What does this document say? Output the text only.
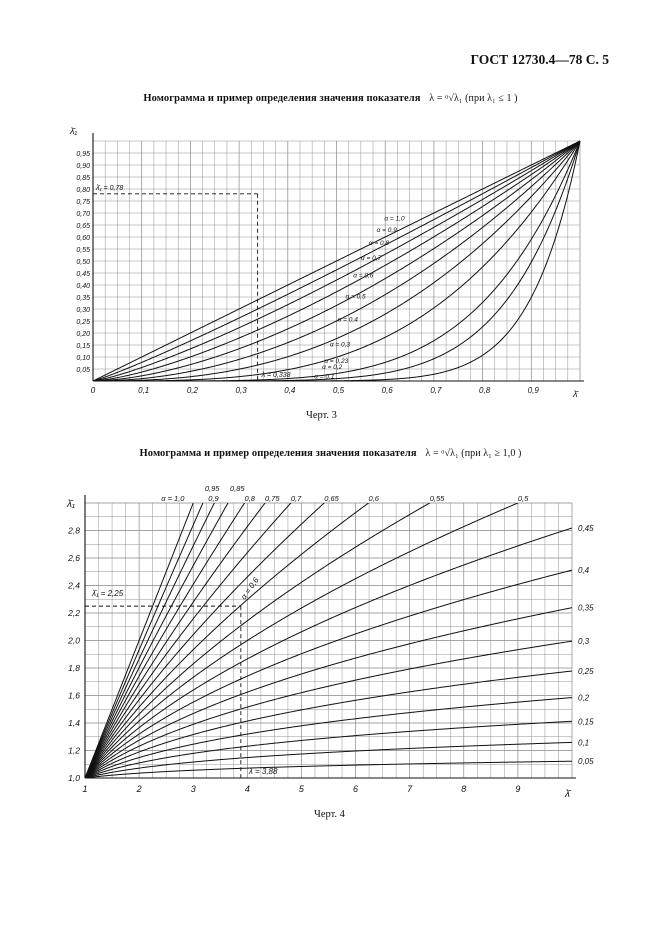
ГОСТ 12730.4—78 С. 5
Номограмма и пример определения значения показателя λ = ᵅ√λ₁ (при λ₁ ≤ 1 )
0	0,1	0,2	0,3	0,4	0,5	0,6	0,7	0,8	0,9
0,05
0,10
0,15
0,20
0,25
0,30
0,35
0,40
0,45
0,50
0,55
0,60
0,65
0,70
0,75
0,80
0,85
0,90
0,95
λ̄₁
λ̄
α = 0,1
α = 0,23
α = 0,2
α = 0,3
α = 0,4
α = 0,5
α = 0,6
α = 0,7
α = 0,8
α = 0,9
α = 1,0
λ̄₁ = 0,78
λ = 0,338
Черт. 3
Номограмма и пример определения значения показателя λ = ᵅ√λ₁ (при λ₁ ≥ 1,0 )
1	2	3	4	5	6	7	8	9
1,0
1,2
1,4
1,6
1,8
2,0
2,2
2,4
2,6
2,8
λ̄₁
λ̄
α = 1,0
0,95
0,9
0,85
0,8 0,75 0,7	0,65	0,6	0,55	0,5
0,45
0,4
0,35
0,3
0,25
0,2
0,15
0,1
0,05
λ̄₁ = 2,25
λ = 3,88
α = 0,6
Черт. 4
